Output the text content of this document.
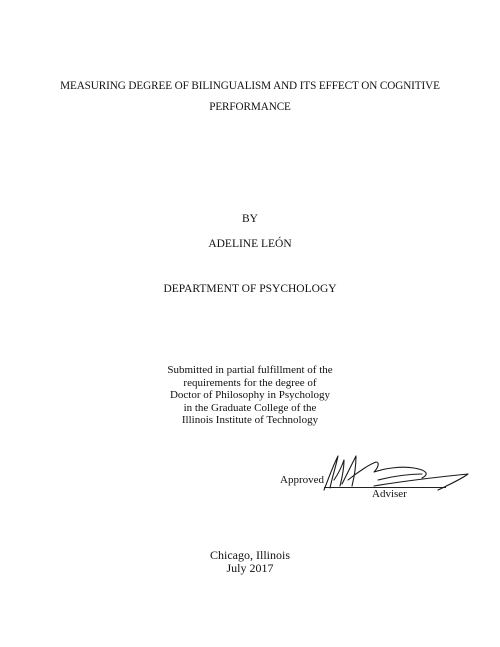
MEASURING DEGREE OF BILINGUALISM AND ITS EFFECT ON COGNITIVE
PERFORMANCE
BY
ADELINE LEÓN
DEPARTMENT OF PSYCHOLOGY
Submitted in partial fulfillment of the
requirements for the degree of
Doctor of Philosophy in Psychology
in the Graduate College of the
Illinois Institute of Technology
Approved
Adviser
Chicago, Illinois
July 2017
